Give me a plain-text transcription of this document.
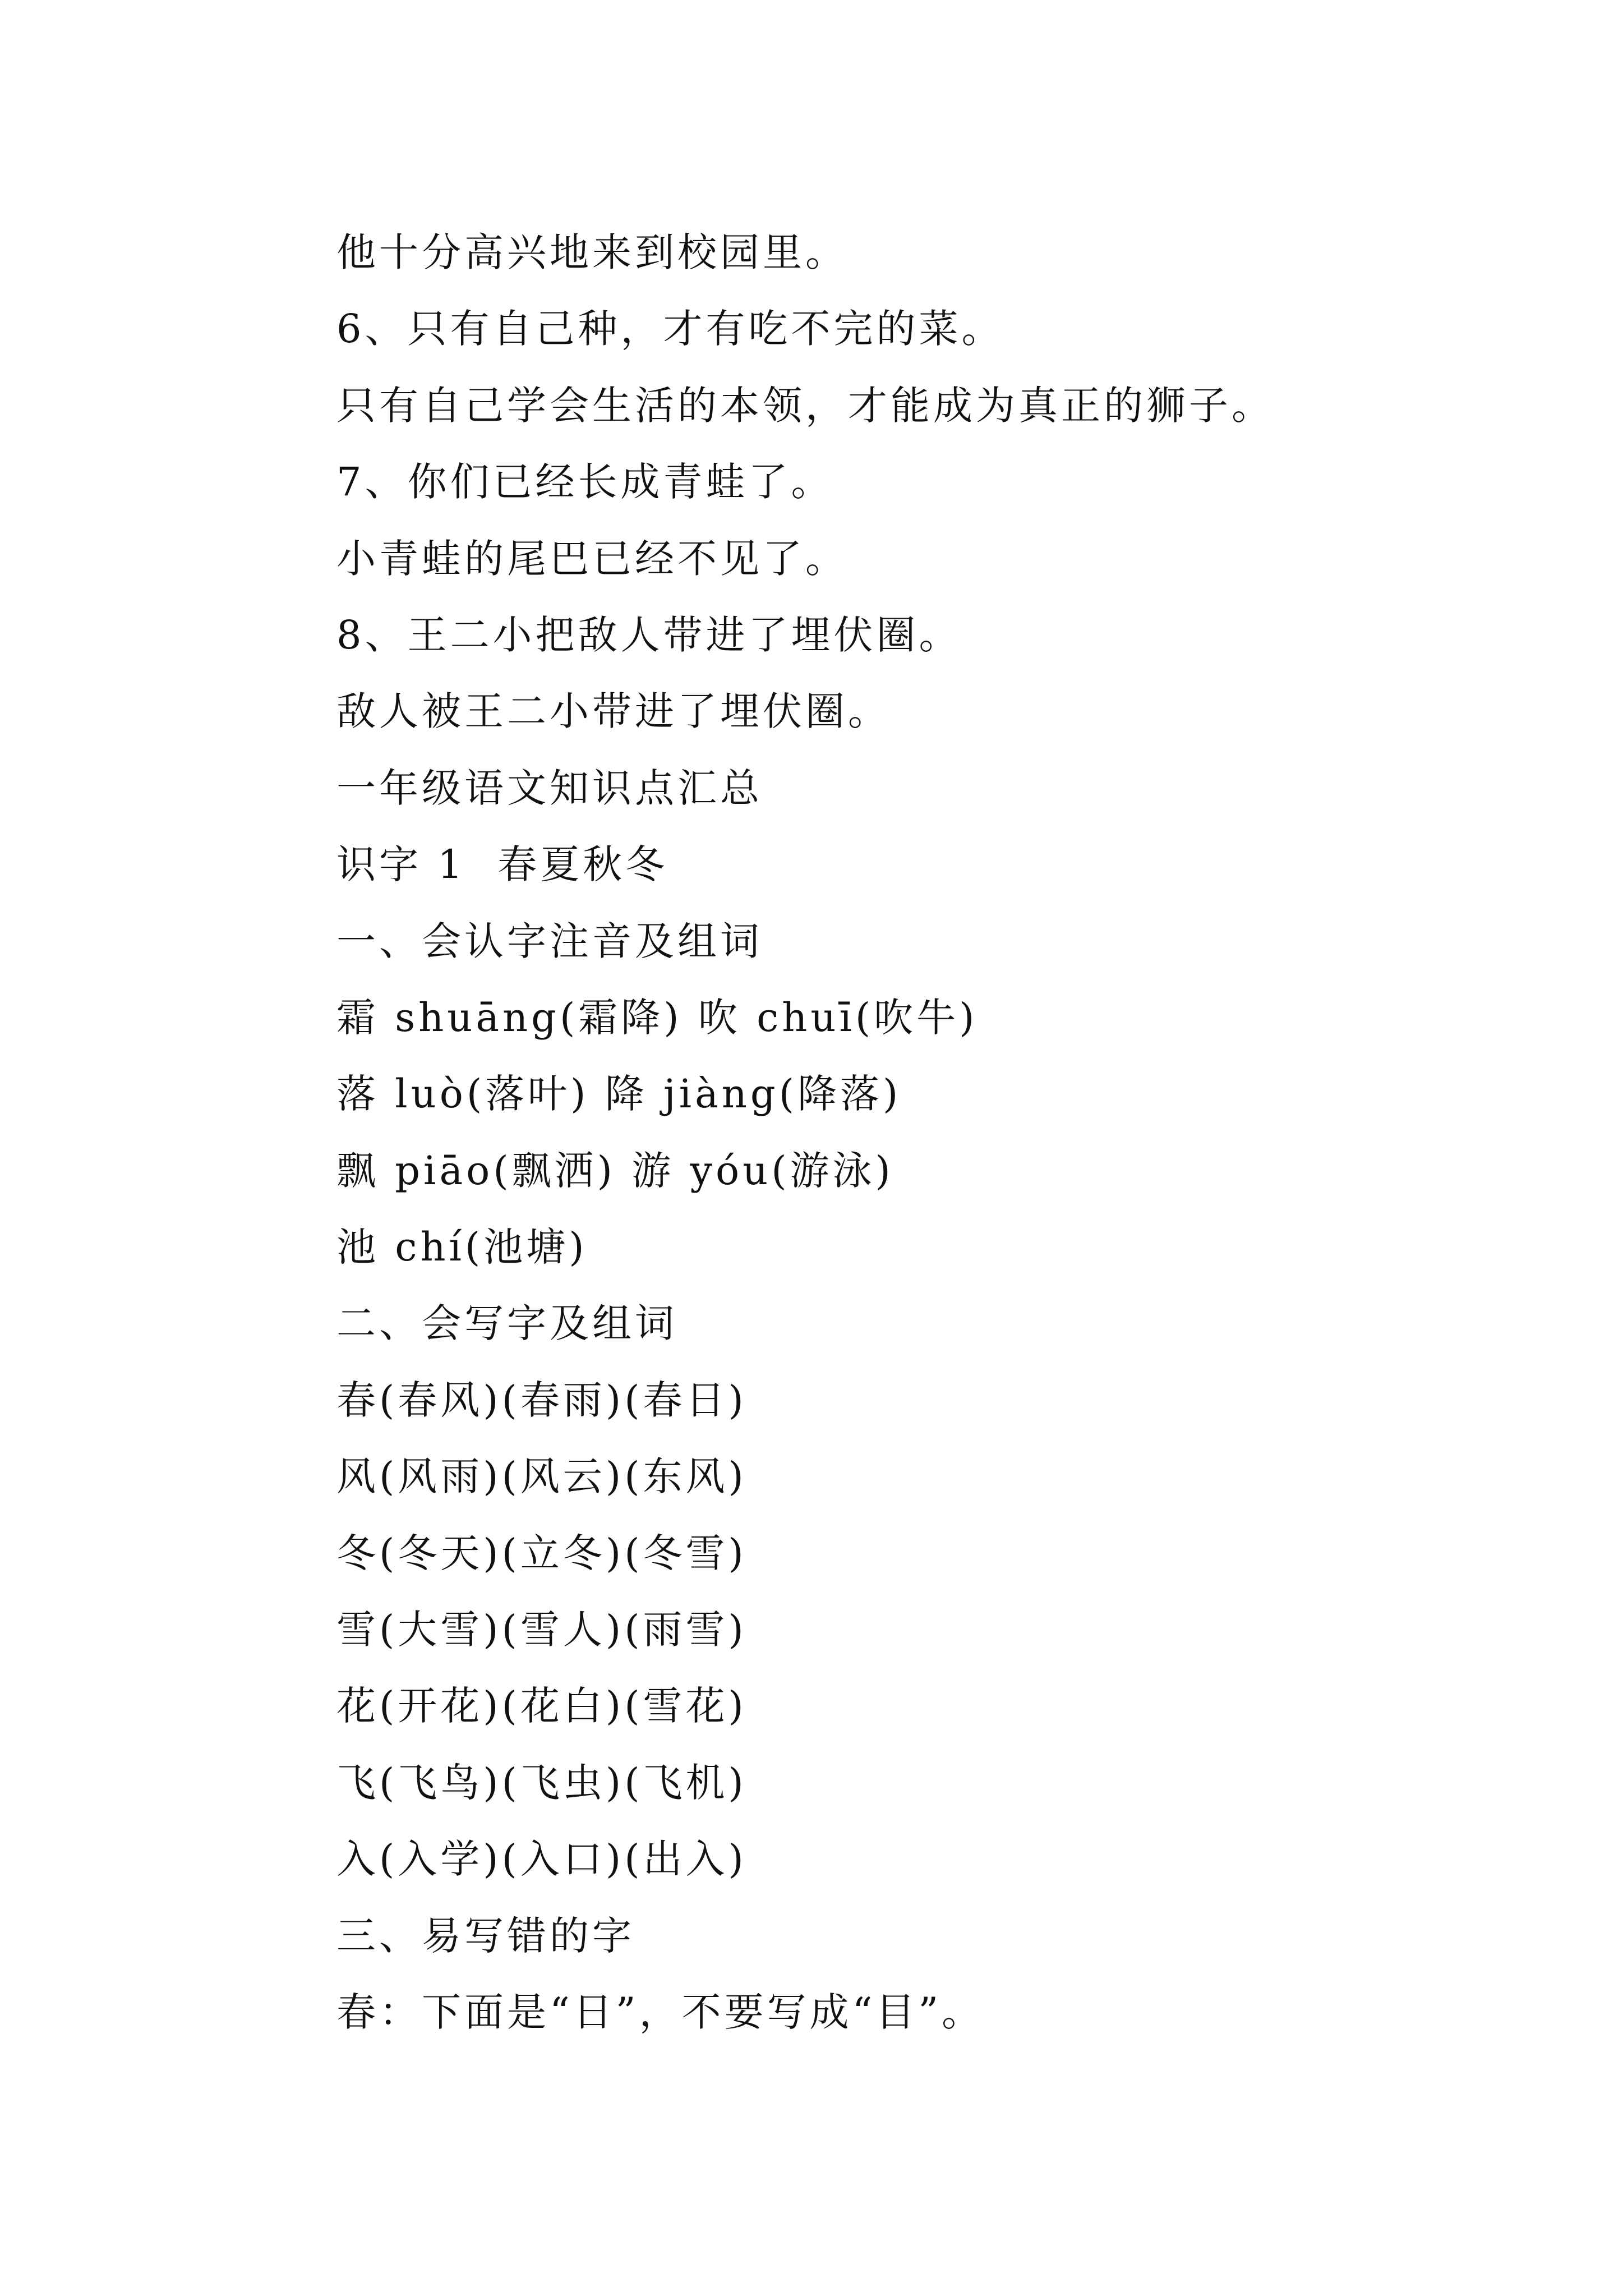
他十分高兴地来到校园里。
6、只有自己种，才有吃不完的菜。
只有自己学会生活的本领，才能成为真正的狮子。
7、你们已经长成青蛙了。
小青蛙的尾巴已经不见了。
8、王二小把敌人带进了埋伏圈。
敌人被王二小带进了埋伏圈。
一年级语文知识点汇总
识字 1  春夏秋冬
一、会认字注音及组词
霜 shuāng(霜降) 吹 chuī(吹牛)
落 luò(落叶) 降 jiàng(降落)
飘 piāo(飘洒) 游 yóu(游泳)
池 chí(池塘)
二、会写字及组词
春(春风)(春雨)(春日)
风(风雨)(风云)(东风)
冬(冬天)(立冬)(冬雪)
雪(大雪)(雪人)(雨雪)
花(开花)(花白)(雪花)
飞(飞鸟)(飞虫)(飞机)
入(入学)(入口)(出入)
三、易写错的字
春：下面是“日”，不要写成“目”。
